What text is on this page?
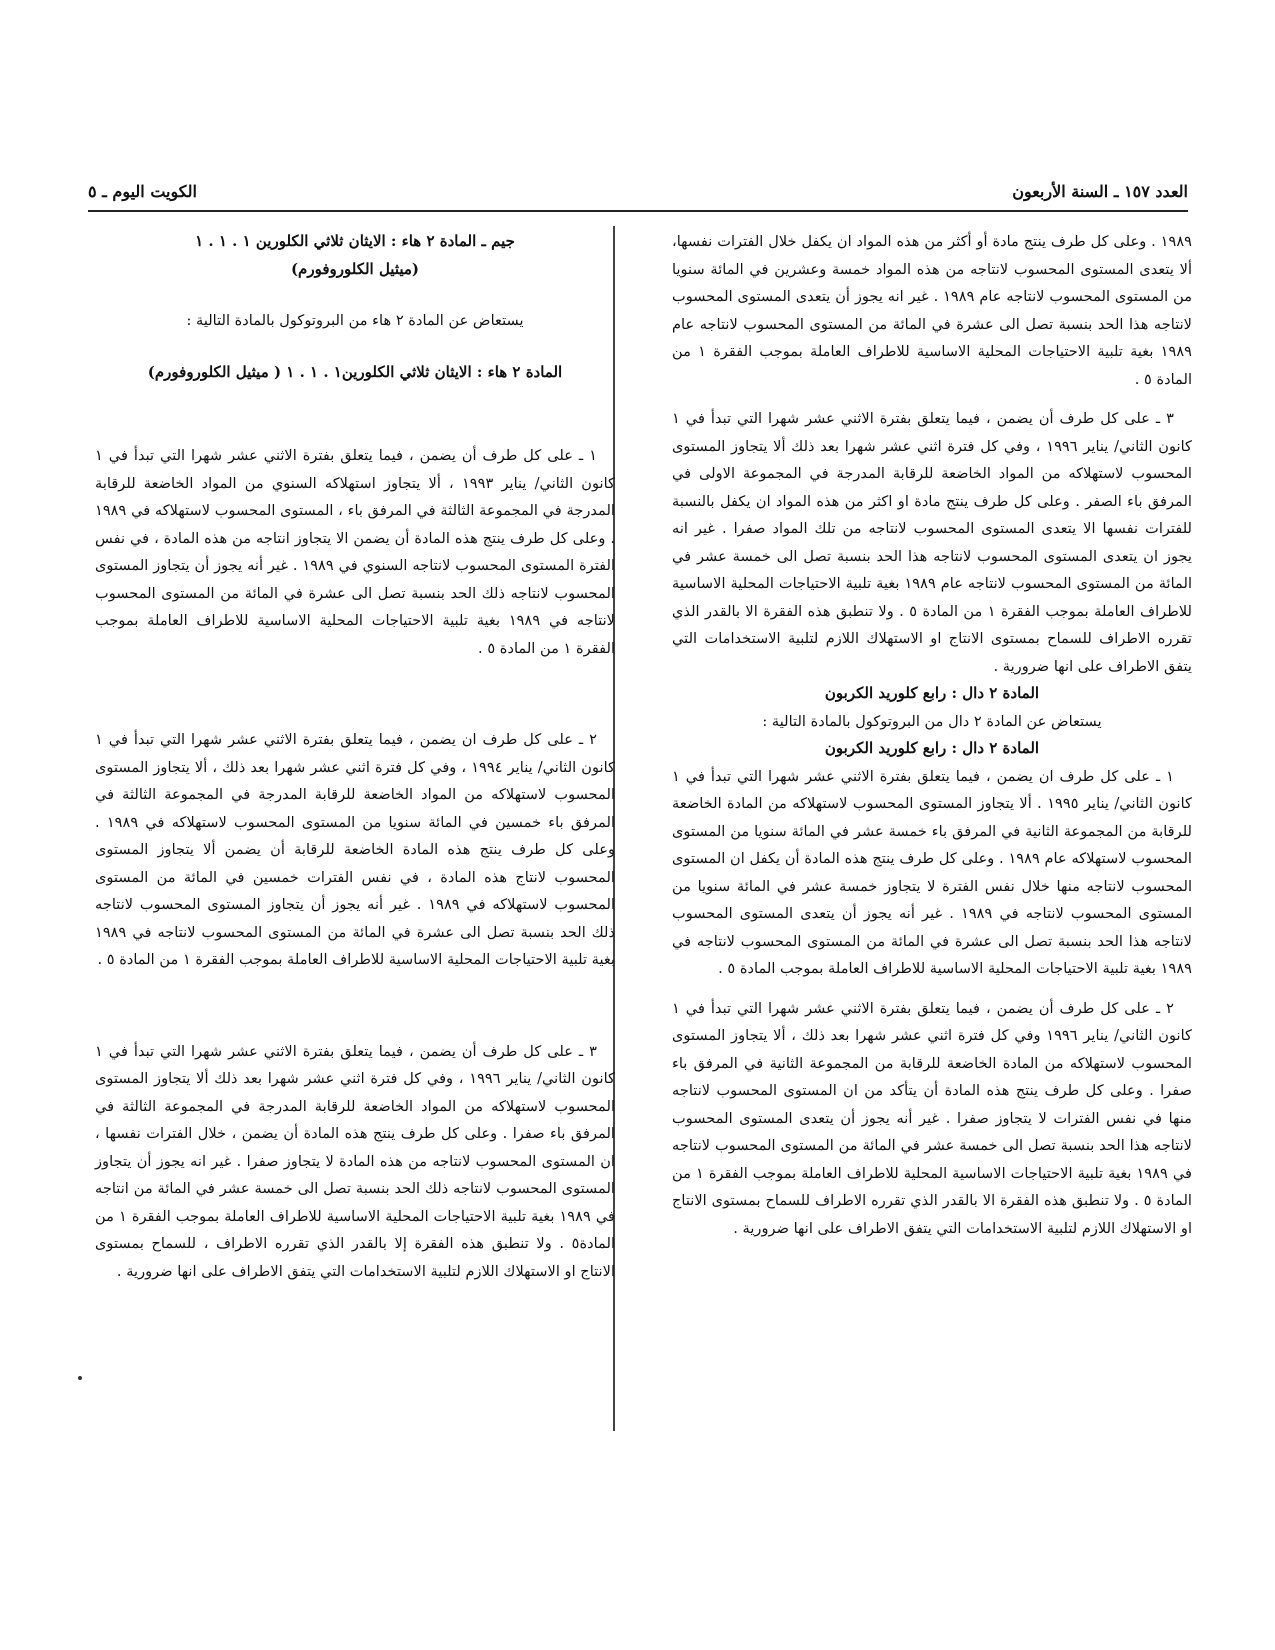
العدد ١٥٧ ـ السنة الأربعون
الكويت اليوم ـ ٥

١٩٨٩ . وعلى كل طرف ينتج مادة أو أكثر من هذه المواد ان يكفل خلال الفترات نفسها، ألا يتعدى المستوى المحسوب لانتاجه من هذه المواد خمسة وعشرين في المائة سنويا من المستوى المحسوب لانتاجه عام ١٩٨٩ . غير انه يجوز أن يتعدى المستوى المحسوب لانتاجه هذا الحد بنسبة تصل الى عشرة في المائة من المستوى المحسوب لانتاجه عام ١٩٨٩ بغية تلبية الاحتياجات المحلية الاساسية للاطراف العاملة بموجب الفقرة ١ من المادة ٥ .

٣ ـ على كل طرف أن يضمن ، فيما يتعلق بفترة الاثني عشر شهرا التي تبدأ في ١ كانون الثاني/ يناير ١٩٩٦ ، وفي كل فترة اثني عشر شهرا بعد ذلك ألا يتجاوز المستوى المحسوب لاستهلاكه من المواد الخاضعة للرقابة المدرجة في المجموعة الاولى في المرفق باء الصفر . وعلى كل طرف ينتج مادة او اكثر من هذه المواد ان يكفل بالنسبة للفترات نفسها الا يتعدى المستوى المحسوب لانتاجه من تلك المواد صفرا . غير انه يجوز ان يتعدى المستوى المحسوب لانتاجه هذا الحد بنسبة تصل الى خمسة عشر في المائة من المستوى المحسوب لانتاجه عام ١٩٨٩ بغية تلبية الاحتياجات المحلية الاساسية للاطراف العاملة بموجب الفقرة ١ من المادة ٥ . ولا تنطبق هذه الفقرة الا بالقدر الذي تقرره الاطراف للسماح بمستوى الانتاج او الاستهلاك اللازم لتلبية الاستخدامات التي يتفق الاطراف على انها ضرورية .

المادة ٢ دال : رابع كلوريد الكربون
يستعاض عن المادة ٢ دال من البروتوكول بالمادة التالية :
المادة ٢ دال : رابع كلوريد الكربون

١ ـ على كل طرف ان يضمن ، فيما يتعلق بفترة الاثني عشر شهرا التي تبدأ في ١ كانون الثاني/ يناير ١٩٩٥ . ألا يتجاوز المستوى المحسوب لاستهلاكه من المادة الخاضعة للرقابة من المجموعة الثانية في المرفق باء خمسة عشر في المائة سنويا من المستوى المحسوب لاستهلاكه عام ١٩٨٩ . وعلى كل طرف ينتج هذه المادة أن يكفل ان المستوى المحسوب لانتاجه منها خلال نفس الفترة لا يتجاوز خمسة عشر في المائة سنويا من المستوى المحسوب لانتاجه في ١٩٨٩ . غير أنه يجوز أن يتعدى المستوى المحسوب لانتاجه هذا الحد بنسبة تصل الى عشرة في المائة من المستوى المحسوب لانتاجه في ١٩٨٩ بغية تلبية الاحتياجات المحلية الاساسية للاطراف العاملة بموجب المادة ٥ .

٢ ـ على كل طرف أن يضمن ، فيما يتعلق بفترة الاثني عشر شهرا التي تبدأ في ١ كانون الثاني/ يناير ١٩٩٦ وفي كل فترة اثني عشر شهرا بعد ذلك ، ألا يتجاوز المستوى المحسوب لاستهلاكه من المادة الخاضعة للرقابة من المجموعة الثانية في المرفق باء صفرا . وعلى كل طرف ينتج هذه المادة أن يتأكد من ان المستوى المحسوب لانتاجه منها في نفس الفترات لا يتجاوز صفرا . غير أنه يجوز أن يتعدى المستوى المحسوب لانتاجه هذا الحد بنسبة تصل الى خمسة عشر في المائة من المستوى المحسوب لانتاجه في ١٩٨٩ بغية تلبية الاحتياجات الاساسية المحلية للاطراف العاملة بموجب الفقرة ١ من المادة ٥ . ولا تنطبق هذه الفقرة الا بالقدر الذي تقرره الاطراف للسماح بمستوى الانتاج او الاستهلاك اللازم لتلبية الاستخدامات التي يتفق الاطراف على انها ضرورية .

جيم ـ المادة ٢ هاء : الايثان ثلاثي الكلورين ١ . ١ . ١
(ميثيل الكلوروفورم)
يستعاض عن المادة ٢ هاء من البروتوكول بالمادة التالية :
المادة ٢ هاء : الايثان ثلاثي الكلورين١ . ١ . ١ ( ميثيل الكلوروفورم)

١ ـ على كل طرف أن يضمن ، فيما يتعلق بفترة الاثني عشر شهرا التي تبدأ في ١ كانون الثاني/ يناير ١٩٩٣ ، ألا يتجاوز استهلاكه السنوي من المواد الخاضعة للرقابة المدرجة في المجموعة الثالثة في المرفق باء ، المستوى المحسوب لاستهلاكه في ١٩٨٩ . وعلى كل طرف ينتج هذه المادة أن يضمن الا يتجاوز انتاجه من هذه المادة ، في نفس الفترة المستوى المحسوب لانتاجه السنوي في ١٩٨٩ . غير أنه يجوز أن يتجاوز المستوى المحسوب لانتاجه ذلك الحد بنسبة تصل الى عشرة في المائة من المستوى المحسوب لانتاجه في ١٩٨٩ بغية تلبية الاحتياجات المحلية الاساسية للاطراف العاملة بموجب الفقرة ١ من المادة ٥ .

٢ ـ على كل طرف ان يضمن ، فيما يتعلق بفترة الاثني عشر شهرا التي تبدأ في ١ كانون الثاني/ يناير ١٩٩٤ ، وفي كل فترة اثني عشر شهرا بعد ذلك ، ألا يتجاوز المستوى المحسوب لاستهلاكه من المواد الخاضعة للرقابة المدرجة في المجموعة الثالثة في المرفق باء خمسين في المائة سنويا من المستوى المحسوب لاستهلاكه في ١٩٨٩ . وعلى كل طرف ينتج هذه المادة الخاضعة للرقابة أن يضمن ألا يتجاوز المستوى المحسوب لانتاج هذه المادة ، في نفس الفترات خمسين في المائة من المستوى المحسوب لاستهلاكه في ١٩٨٩ . غير أنه يجوز أن يتجاوز المستوى المحسوب لانتاجه ذلك الحد بنسبة تصل الى عشرة في المائة من المستوى المحسوب لانتاجه في ١٩٨٩ بغية تلبية الاحتياجات المحلية الاساسية للاطراف العاملة بموجب الفقرة ١ من المادة ٥ .

٣ ـ على كل طرف أن يضمن ، فيما يتعلق بفترة الاثني عشر شهرا التي تبدأ في ١ كانون الثاني/ يناير ١٩٩٦ ، وفي كل فترة اثني عشر شهرا بعد ذلك ألا يتجاوز المستوى المحسوب لاستهلاكه من المواد الخاضعة للرقابة المدرجة في المجموعة الثالثة في المرفق باء صفرا . وعلى كل طرف ينتج هذه المادة أن يضمن ، خلال الفترات نفسها ، ان المستوى المحسوب لانتاجه من هذه المادة لا يتجاوز صفرا . غير انه يجوز أن يتجاوز المستوى المحسوب لانتاجه ذلك الحد بنسبة تصل الى خمسة عشر في المائة من انتاجه في ١٩٨٩ بغية تلبية الاحتياجات المحلية الاساسية للاطراف العاملة بموجب الفقرة ١ من المادة٥ . ولا تنطبق هذه الفقرة إلا بالقدر الذي تقرره الاطراف ، للسماح بمستوى الانتاج او الاستهلاك اللازم لتلبية الاستخدامات التي يتفق الاطراف على انها ضرورية .
